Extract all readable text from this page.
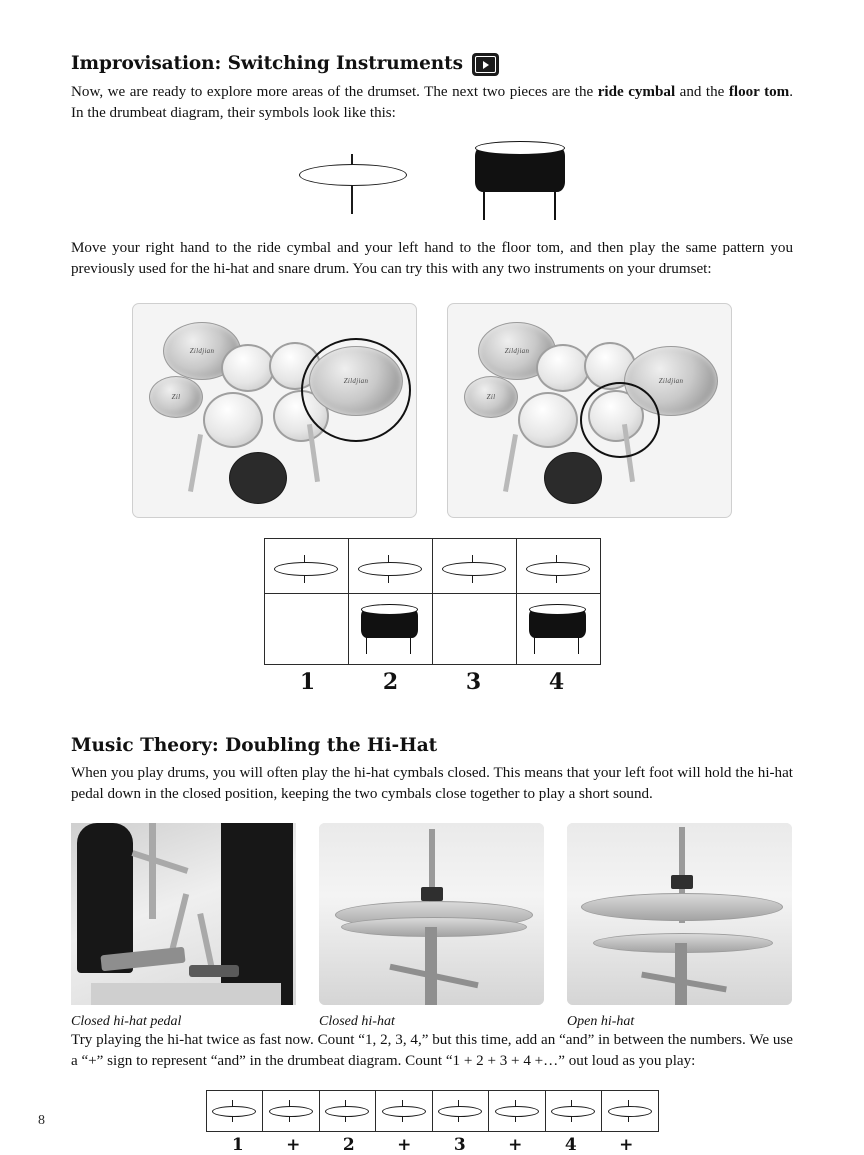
Improvisation: Switching Instruments

Now, we are ready to explore more areas of the drumset. The next two pieces are the ride cymbal and the floor tom. In the drumbeat diagram, their symbols look like this:

Move your right hand to the ride cymbal and your left hand to the floor tom, and then play the same pattern you previously used for the hi-hat and snare drum. You can try this with any two instruments on your drumset:

Zildjian
Zil
Zildjian
Zildjian
Zil
Zildjian
1	2	3	4
Music Theory: Doubling the Hi-Hat

When you play drums, you will often play the hi-hat cymbals closed. This means that your left foot will hold the hi-hat pedal down in the closed position, keeping the two cymbals close together to play a short sound.

Closed hi-hat pedal	Closed hi-hat	Open hi-hat

Try playing the hi-hat twice as fast now. Count “1, 2, 3, 4,” but this time, add an “and” in between the numbers. We use a “+” sign to represent “and” in the drumbeat diagram. Count “1 + 2 + 3 + 4 +…” out loud as you play:

1	+	2	+	3	+	4	+
8
